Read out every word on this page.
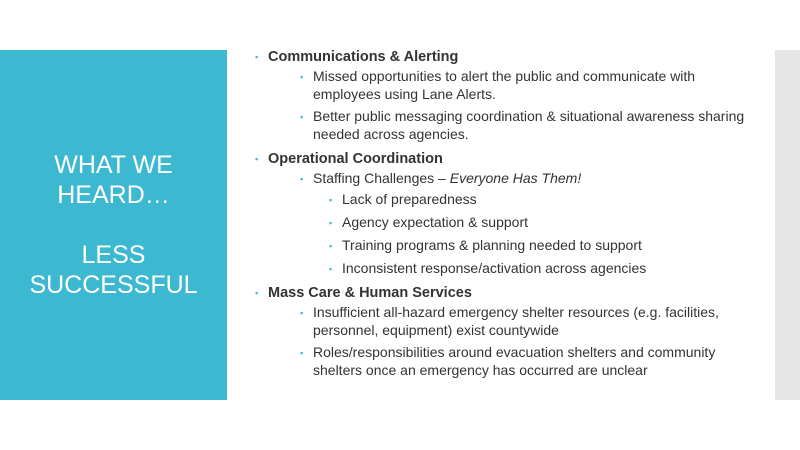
WHAT WE
HEARD…
LESS
SUCCESSFUL
▪ Communications & Alerting
▪ Missed opportunities to alert the public and communicate with employees using Lane Alerts.
▪ Better public messaging coordination & situational awareness sharing needed across agencies.
▪ Operational Coordination
▪ Staffing Challenges – Everyone Has Them!
▪ Lack of preparedness
▪ Agency expectation & support
▪ Training programs & planning needed to support
▪ Inconsistent response/activation across agencies
▪ Mass Care & Human Services
▪ Insufficient all-hazard emergency shelter resources (e.g. facilities, personnel, equipment) exist countywide
▪ Roles/responsibilities around evacuation shelters and community shelters once an emergency has occurred are unclear
